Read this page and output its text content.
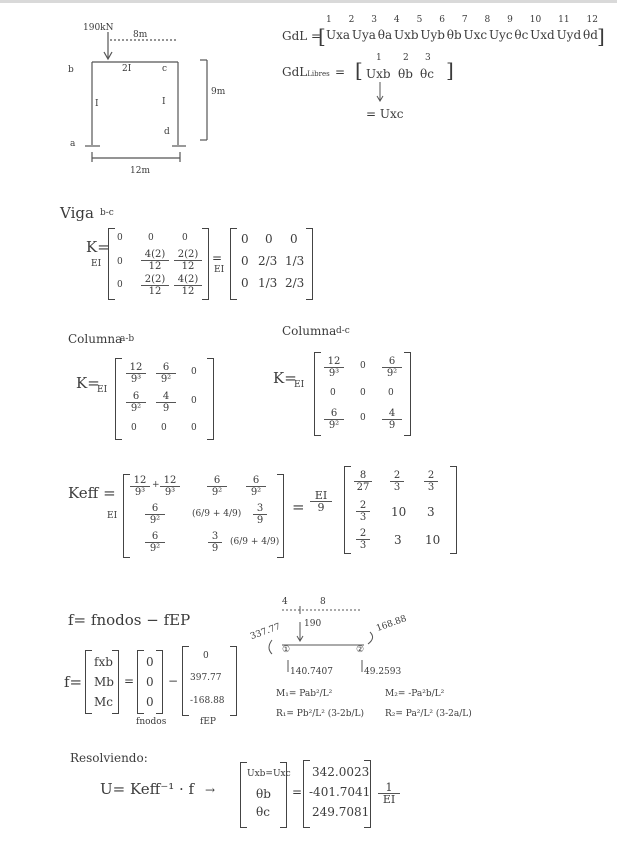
190kN
8m
2I
I	I
9m
12m
b	c
a
d
GdL =
[	]
1 2 3 4 5 6 7 8 9 10 11 12
Uxa Uya θa Uxb Uyb θb Uxc Uyc θc Uxd Uyd θd
GdLLibres = [	]
1 2 3
Uxb θb θc
= Uxc
Viga b-c
K=
EI
0	0	0
$0 \frac{4(2)}{12} \frac{2(2)}{12}$
$0 \frac{2(2)}{12} \frac{4(2)}{12}$
=
EI
0 0 0
0 2/3 1/3
0 1/3 2/3
Columna
a-b
K=
EI
$\frac{12}{\text{9³}} \frac{6}{\text{9²}} 0$
$\frac{6}{\text{9²}} \frac{4}{9} 0$
0	0	0
Columna d-c
K=
EI
$\frac{12}{\text{9³}} 0 \frac{6}{\text{9²}}$
0	0 0
$\frac{6}{\text{9²}} 0 \frac{4}{9}$
Keff =
EI
$\frac{12}{\text{9³}} + \frac{12}{\text{9³}}$	$\frac{6}{\text{9²}} \frac{6}{\text{9²}}$
$\frac{6}{\text{9²}}$	$(6/9 + 4/9) \frac{3}{9}$
$\frac{6}{\text{9²}}$	$\frac{3}{9} (6/9 + 4/9)$
= $\frac{EI}{9}$
$\frac{8}{27} \frac{2}{3} \frac{2}{3}$
$\frac{2}{3} 10$ 3
$\frac{2}{3} 3$ 10
f= fnodos − fEP
f=
fxb
Mb
Mc
=
0
0
0
fnodos
−
0
397.77
-168.88
fEP
4	8
190
337.77	168.88
①	②
140.7407	49.2593
M₁= Pab²/L²
R₁= Pb²/L² (3-2b/L)
M₂= -Pa²b/L²
R₂= Pa²/L² (3-2a/L)
Resolviendo:
U= Keff⁻¹ · f →
Uxb=Uxc
θb
θc
=
342.0023
-401.7041
249.7081
$\frac{1}{EI}$
